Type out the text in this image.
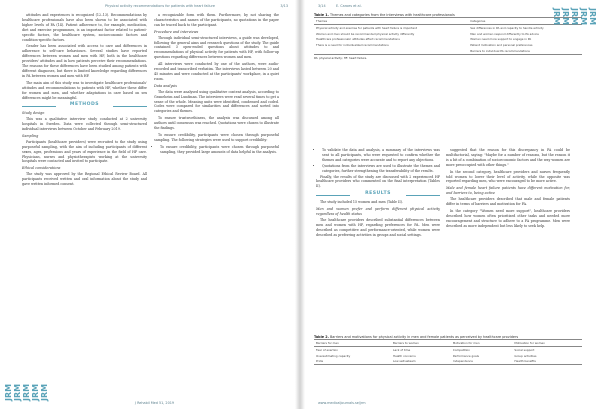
JRM JRM JRM JRM JRM
Physical activity recommendations for patients with heart failure	3/13

attitudes and experiences is recognized (12–13). Recommendations by healthcare professionals have also been shown to be associated with higher levels of PA (14). Patient adherence to, for example, medication, diet and exercise programmes, is an important factor related to patient-specific factors, the healthcare system, socioeconomic factors and condition-specific factors.

Gender has been associated with access to care and differences in adherence to self-care behaviours. Several studies have reported differences between women and men with HF, both in the healthcare providers' attitudes and in how patients perceive their recommendations. The reasons for these differences have been studied among patients with different diagnoses, but there is limited knowledge regarding differences in PA between women and men with HF.

The main aim of this study was to investigate healthcare professionals' attitudes and recommendations to patients with HF, whether these differ for women and men, and whether adaptations in care based on sex differences might be meaningful.

METHODS
Study design

This was a qualitative interview study conducted at 2 university hospitals in Sweden. Data were collected through semi-structured individual interviews between October and February 2019.

Sampling

Participants (healthcare providers) were recruited to the study using purposeful sampling, with the aim of including participants of different sexes, ages, professions and years of experience in the field of HF care. Physicians, nurses and physiotherapists working at the university hospitals were contacted and invited to participate.

Ethical considerations

The study was approved by the Regional Ethical Review Board. All participants received written and oral information about the study and gave written informed consent.

a recognizable form with them. Furthermore, by not sharing the characteristics and names of the participants, no quotations in the paper can be traced back to the participant.

Procedure and interviews

Through individual semi-structured interviews, a guide was developed, following the general aims and research questions of the study. The guide contained 3 open-ended questions about attitudes to and recommendations of physical activity for patients with HF, with follow-up questions regarding differences between women and men.

All interviews were conducted by one of the authors, were audio-recorded and transcribed verbatim. The interviews lasted between 20 and 45 minutes and were conducted at the participants' workplace, in a quiet room.

Data analysis

The data were analysed using qualitative content analysis, according to Graneheim and Lundman. The interviews were read several times to get a sense of the whole. Meaning units were identified, condensed and coded. Codes were compared for similarities and differences and sorted into categories and themes.

To ensure trustworthiness, the analysis was discussed among all authors until consensus was reached. Quotations were chosen to illustrate the findings.

To ensure credibility, participants were chosen through purposeful sampling. The following strategies were used to support credibility:

• To ensure credibility, participants were chosen through purposeful sampling, they provided large amounts of data helpful in the analysis.
J Rehabil Med 51, 2019
3/14	E. Caroes et al.
Table 1. Themes and categories from the interviews with healthcare professionals
Themes	Categories
Physical activity and exercise for patients with heart failure is important	Sex differences in PA and capacity to handle activity
Women and men should be recommended physical activity differently	Men and women respond differently to PA advice
Healthcare professionals' attitudes affect recommendations	Women need more support to engage in PA
There is a need for individualized recommendations	Patient motivation and personal preferences
	Barriers to individual PA recommendations
PA: physical activity; HF: heart failure.
• To validate the data and analysis, a summary of the interviews was sent to all participants, who were requested to confirm whether the themes and categories were accurate and to report any objections.
• Quotations from the interviews are used to illustrate the themes and categories, further strengthening the transferability of the results.

Finally, the results of the study are discussed with 2 experienced HF healthcare providers who commented on the final interpretation (Tables II).

RESULTS

The study included 15 women and men (Table II).

Men and women prefer and perform different physical activity regardless of health status

The healthcare providers described substantial differences between men and women with HF, regarding preferences for PA. Men were described as competitive and performance-oriented, while women were described as preferring activities in groups and social settings.

suggested that the reason for this discrepancy in PA could be multifactorial, saying: "Maybe for a number of reasons, but the reason it is a bit of a combination of socioeconomic factors and the way women are more preoccupied with other things."

In the second category, healthcare providers and nurses frequently told women to lower their level of activity, while the opposite was reported regarding men, who were encouraged to be more active.

Male and female heart failure patients have different motivation for, and barriers to, being active

The healthcare providers described that male and female patients differ in terms of barriers and motivation for PA.

In the category "Women need more support", healthcare providers described how women often prioritised other tasks and needed more encouragement and structure to adhere to a PA programme. Men were described as more independent but less likely to seek help.

Table 2. Barriers and motivations for physical activity in men and female patients as perceived by healthcare providers
Barriers for men	Barriers to women	Motivation for men	Motivation for women
Fear of exertion	Lack of time	Competition	Social support
Overestimating capacity	Health concerns	Performance goals	Group activities
Pride	Low self-esteem	Independence	Health benefits
www.medicaljournals.se/jrm
JRM
JRM
JRM
JRM
JRM
